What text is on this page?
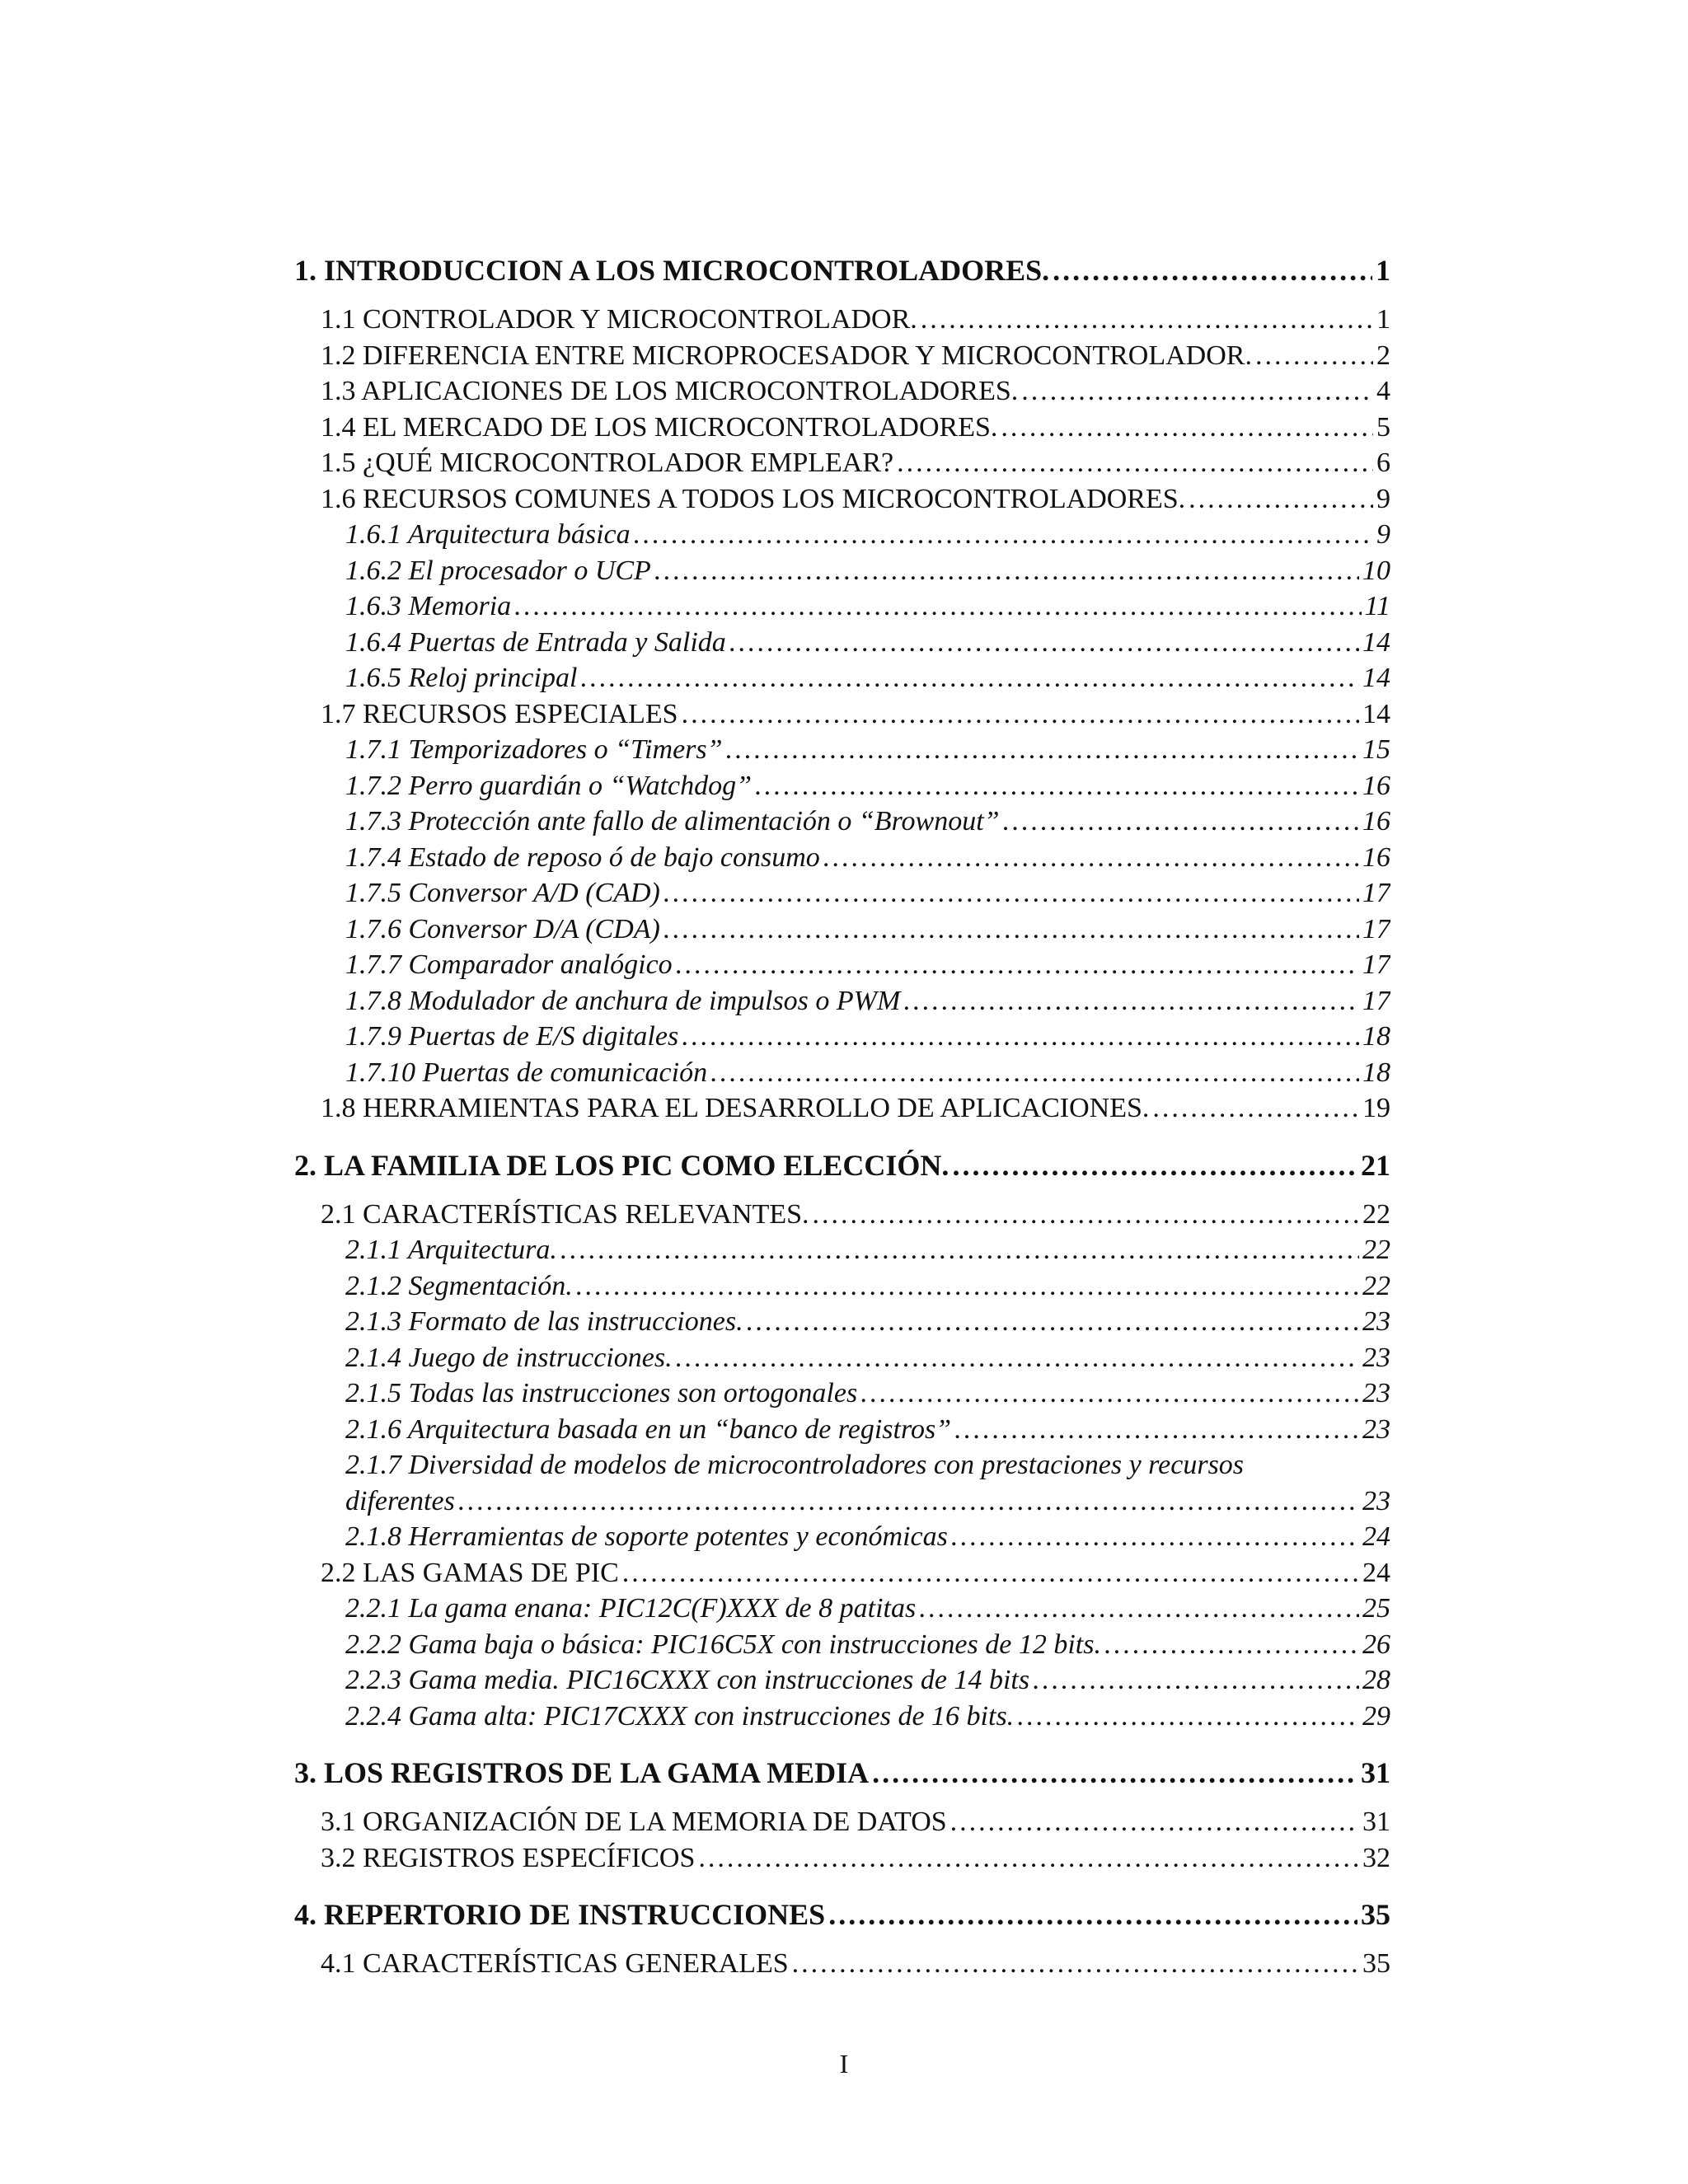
1. INTRODUCCION A LOS MICROCONTROLADORES. .....	1
1.1 CONTROLADOR Y MICROCONTROLADOR. .....	1
1.2 DIFERENCIA ENTRE MICROPROCESADOR Y MICROCONTROLADOR. .....	2
1.3 APLICACIONES DE LOS MICROCONTROLADORES. .....	4
1.4 EL MERCADO DE LOS MICROCONTROLADORES. .....	5
1.5 ¿QUÉ MICROCONTROLADOR EMPLEAR? .....	6
1.6 RECURSOS COMUNES A TODOS LOS MICROCONTROLADORES. .....	9
1.6.1 Arquitectura básica .....	9
1.6.2 El procesador o UCP .....	10
1.6.3 Memoria .....	11
1.6.4 Puertas de Entrada y Salida .....	14
1.6.5 Reloj principal .....	14
1.7 RECURSOS ESPECIALES .....	14
1.7.1 Temporizadores o “Timers” .....	15
1.7.2 Perro guardián o “Watchdog” .....	16
1.7.3 Protección ante fallo de alimentación o “Brownout” .....	16
1.7.4 Estado de reposo ó de bajo consumo .....	16
1.7.5 Conversor A/D (CAD) .....	17
1.7.6 Conversor D/A (CDA) .....	17
1.7.7 Comparador analógico .....	17
1.7.8 Modulador de anchura de impulsos o PWM .....	17
1.7.9 Puertas de E/S digitales .....	18
1.7.10 Puertas de comunicación .....	18
1.8 HERRAMIENTAS PARA EL DESARROLLO DE APLICACIONES. .....	19
2. LA FAMILIA DE LOS PIC COMO ELECCIÓN. .....	21
2.1 CARACTERÍSTICAS RELEVANTES. .....	22
2.1.1 Arquitectura. .....	22
2.1.2 Segmentación. .....	22
2.1.3 Formato de las instrucciones. .....	23
2.1.4 Juego de instrucciones. .....	23
2.1.5 Todas las instrucciones son ortogonales .....	23
2.1.6 Arquitectura basada en un “banco de registros” .....	23
2.1.7 Diversidad de modelos de microcontroladores con prestaciones y recursos
diferentes .....	23
2.1.8 Herramientas de soporte potentes y económicas .....	24
2.2 LAS GAMAS DE PIC .....	24
2.2.1 La gama enana: PIC12C(F)XXX de 8 patitas .....	25
2.2.2 Gama baja o básica: PIC16C5X con instrucciones de 12 bits. .....	26
2.2.3 Gama media. PIC16CXXX con instrucciones de 14 bits .....	28
2.2.4 Gama alta: PIC17CXXX con instrucciones de 16 bits. .....	29
3. LOS REGISTROS DE LA GAMA MEDIA .....	31
3.1 ORGANIZACIÓN DE LA MEMORIA DE DATOS .....	31
3.2 REGISTROS ESPECÍFICOS .....	32
4. REPERTORIO DE INSTRUCCIONES .....	35
4.1 CARACTERÍSTICAS GENERALES .....	35
I
